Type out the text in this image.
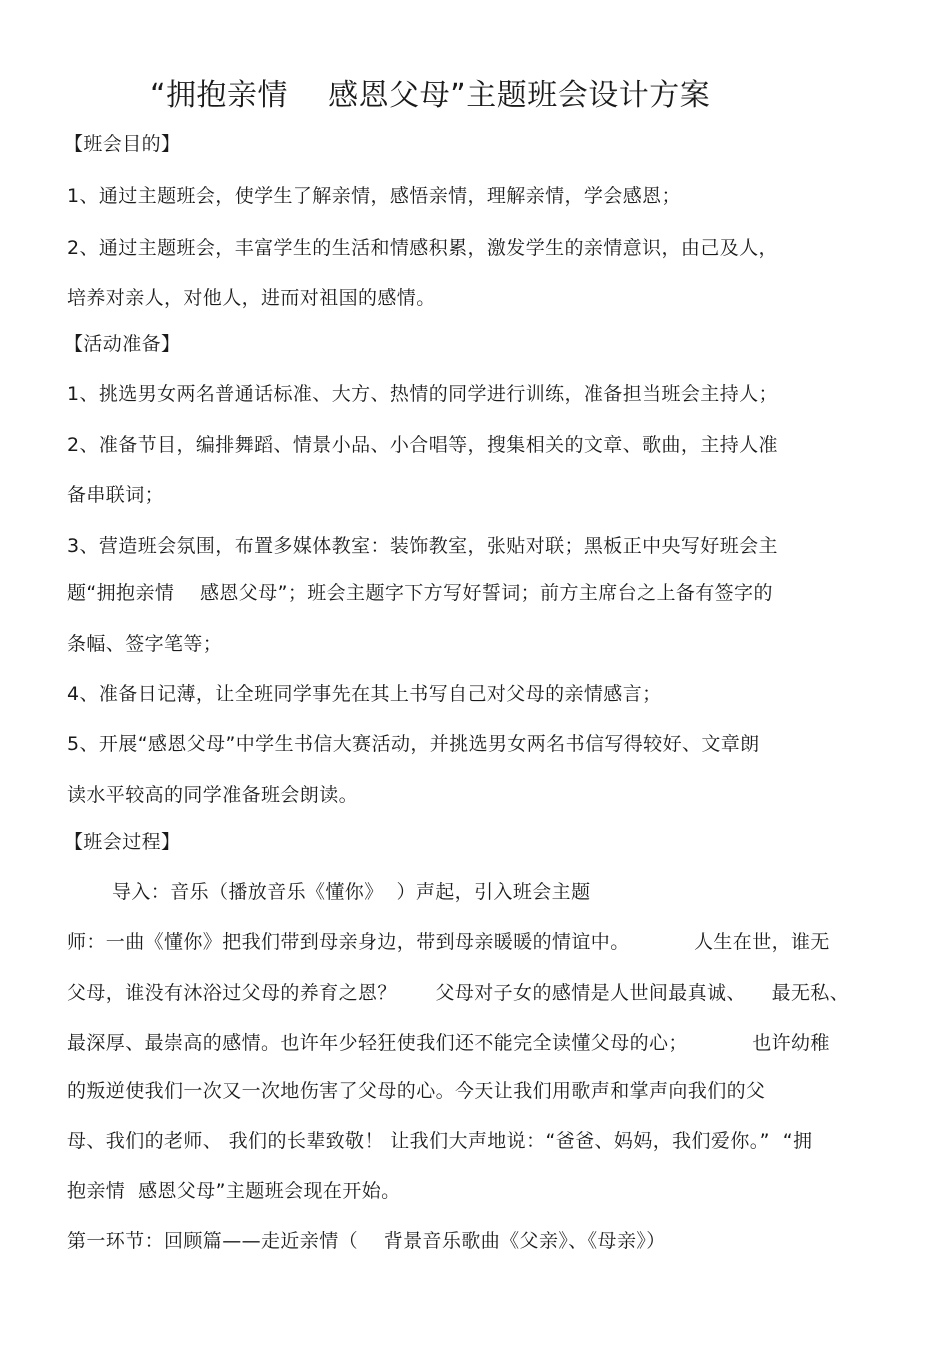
“拥抱亲情    感恩父母”主题班会设计方案
【班会目的】
1、通过主题班会，使学生了解亲情，感悟亲情，理解亲情，学会感恩；
2、通过主题班会，丰富学生的生活和情感积累，激发学生的亲情意识，由己及人，
培养对亲人，对他人，进而对祖国的感情。
【活动准备】
1、挑选男女两名普通话标准、大方、热情的同学进行训练，准备担当班会主持人；
2、准备节目，编排舞蹈、情景小品、小合唱等，搜集相关的文章、歌曲，主持人准
备串联词；
3、营造班会氛围，布置多媒体教室：装饰教室，张贴对联；黑板正中央写好班会主
题“拥抱亲情    感恩父母”；班会主题字下方写好誓词；前方主席台之上备有签字的
条幅、签字笔等；
4、准备日记薄，让全班同学事先在其上书写自己对父母的亲情感言；
5、开展“感恩父母”中学生书信大赛活动，并挑选男女两名书信写得较好、文章朗
读水平较高的同学准备班会朗读。
【班会过程】
导入：音乐（播放音乐《懂你》  ）声起，引入班会主题
师：一曲《懂你》把我们带到母亲身边，带到母亲暖暖的情谊中。          人生在世，谁无
父母，谁没有沐浴过父母的养育之恩？      父母对子女的感情是人世间最真诚、    最无私、
最深厚、最崇高的感情。也许年少轻狂使我们还不能完全读懂父母的心；          也许幼稚
的叛逆使我们一次又一次地伤害了父母的心。今天让我们用歌声和掌声向我们的父
母、我们的老师、 我们的长辈致敬！ 让我们大声地说：“爸爸、妈妈，我们爱你。”  “拥
抱亲情  感恩父母”主题班会现在开始。
第一环节：回顾篇——走近亲情（    背景音乐歌曲《父亲》、《母亲》）
